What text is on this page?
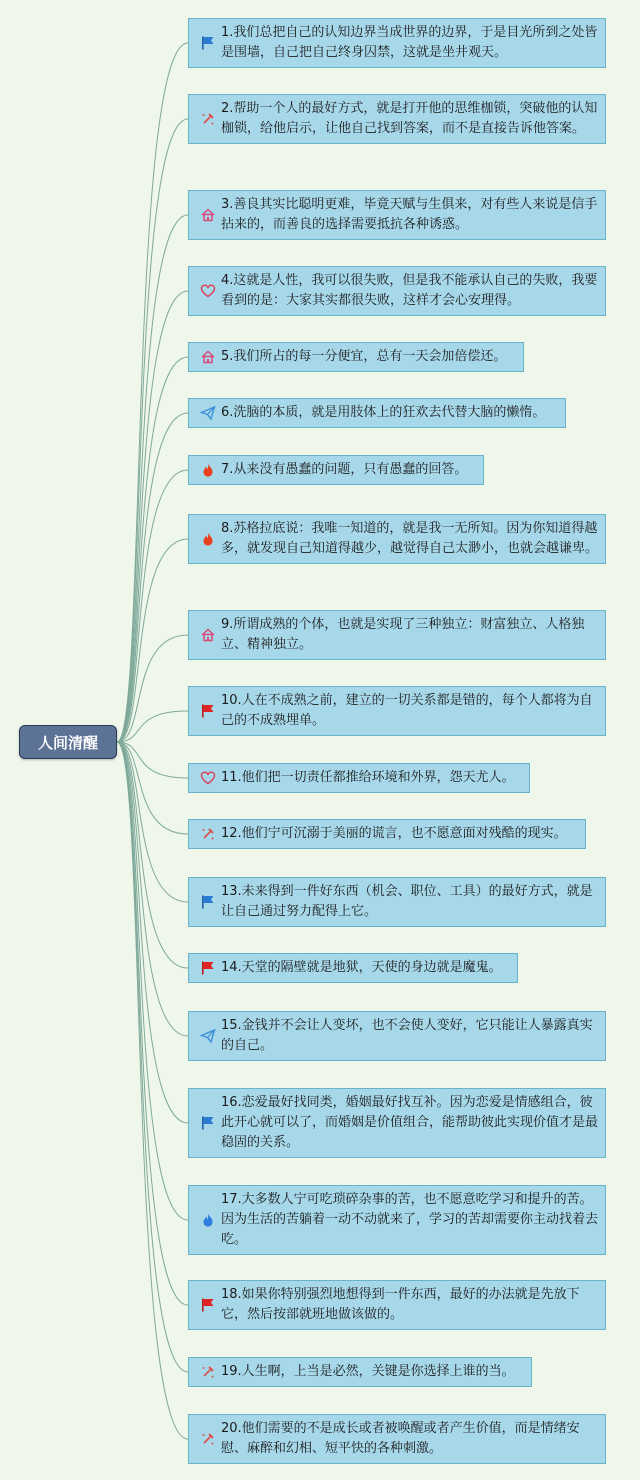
人间清醒
1.我们总把自己的认知边界当成世界的边界，于是目光所到之处皆是围墙，自己把自己终身囚禁，这就是坐井观天。
2.帮助一个人的最好方式，就是打开他的思维枷锁，突破他的认知枷锁，给他启示，让他自己找到答案，而不是直接告诉他答案。
3.善良其实比聪明更难，毕竟天赋与生俱来，对有些人来说是信手拈来的，而善良的选择需要抵抗各种诱惑。
4.这就是人性，我可以很失败，但是我不能承认自己的失败，我要看到的是：大家其实都很失败，这样才会心安理得。
5.我们所占的每一分便宜，总有一天会加倍偿还。
6.洗脑的本质，就是用肢体上的狂欢去代替大脑的懒惰。
7.从来没有愚蠢的问题，只有愚蠢的回答。
8.苏格拉底说：我唯一知道的，就是我一无所知。因为你知道得越多，就发现自己知道得越少，越觉得自己太渺小，也就会越谦卑。
9.所谓成熟的个体，也就是实现了三种独立：财富独立、人格独立、精神独立。
10.人在不成熟之前，建立的一切关系都是错的，每个人都将为自己的不成熟埋单。
11.他们把一切责任都推给环境和外界，怨天尤人。
12.他们宁可沉溺于美丽的谎言，也不愿意面对残酷的现实。
13.未来得到一件好东西（机会、职位、工具）的最好方式，就是让自己通过努力配得上它。
14.天堂的隔壁就是地狱，天使的身边就是魔鬼。
15.金钱并不会让人变坏，也不会使人变好，它只能让人暴露真实的自己。
16.恋爱最好找同类，婚姻最好找互补。因为恋爱是情感组合，彼此开心就可以了，而婚姻是价值组合，能帮助彼此实现价值才是最稳固的关系。
17.大多数人宁可吃琐碎杂事的苦，也不愿意吃学习和提升的苦。因为生活的苦躺着一动不动就来了，学习的苦却需要你主动找着去吃。
18.如果你特别强烈地想得到一件东西，最好的办法就是先放下它，然后按部就班地做该做的。
19.人生啊，上当是必然，关键是你选择上谁的当。
20.他们需要的不是成长或者被唤醒或者产生价值，而是情绪安慰、麻醉和幻相、短平快的各种刺激。
